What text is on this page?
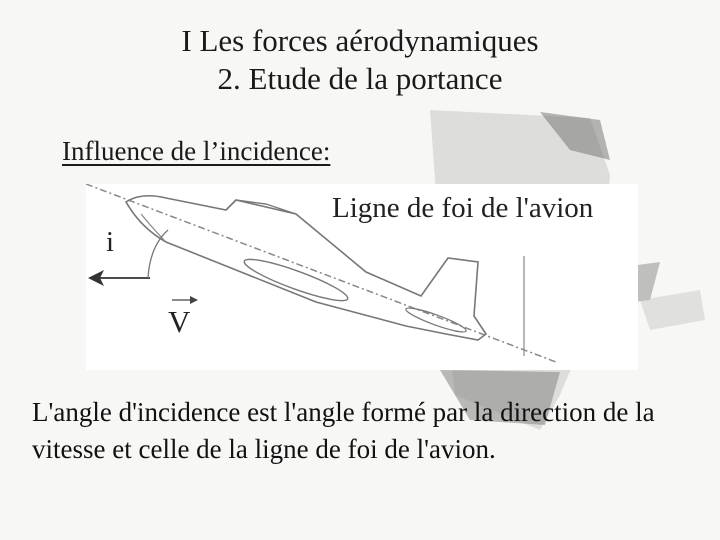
I Les forces aérodynamiques
2. Etude de la portance
Influence de l’incidence:
Ligne de foi de l'avion
i
V
L'angle d'incidence est l'angle formé par la direction de la vitesse et celle de la ligne de foi de l'avion.
